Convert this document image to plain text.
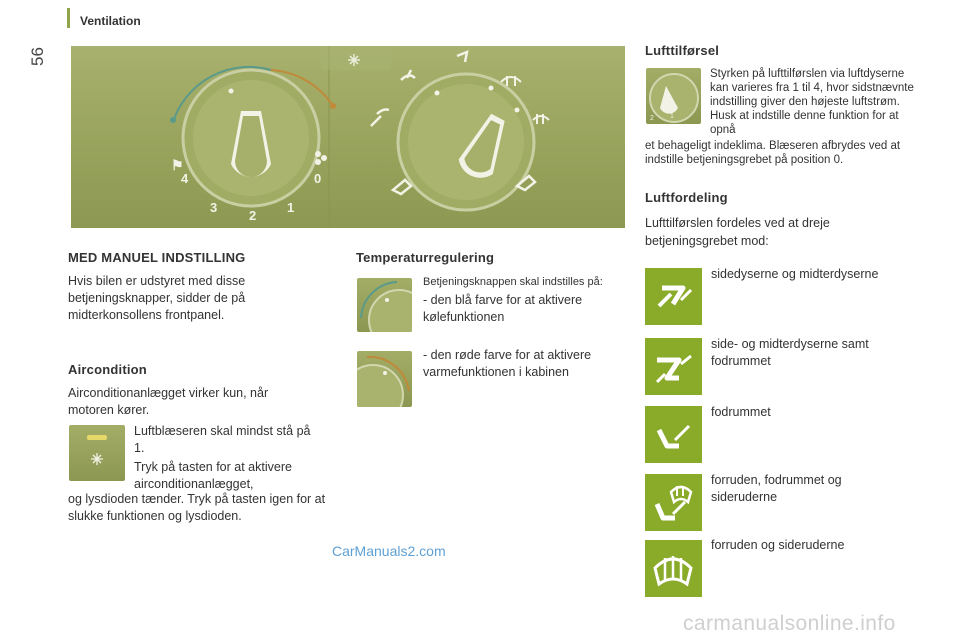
Ventilation
56
⚑
4
3
2
1
0
MED MANUEL INDSTILLING

Hvis bilen er udstyret med disse betjeningsknapper, sidder de på midterkonsollens frontpanel.

Aircondition

Airconditionanlægget virker kun, når motoren kører.

Luftblæseren skal mindst stå på 1.

Tryk på tasten for at aktivere airconditionanlægget,

og lysdioden tænder. Tryk på tasten igen for at slukke funktionen og lysdioden.

Temperaturregulering

Betjeningsknappen skal indstilles på:

- den blå farve for at aktivere kølefunktionen

- den røde farve for at aktivere varmefunktionen i kabinen

Lufttilførsel
2 1

Styrken på lufttilførslen via luftdyserne kan varieres fra 1 til 4, hvor sidstnævnte indstilling giver den højeste luftstrøm. Husk at indstille denne funktion for at opnå

et behageligt indeklima. Blæseren afbrydes ved at indstille betjeningsgrebet på position 0.

Luftfordeling

Lufttilførslen fordeles ved at dreje betjeningsgrebet mod:

sidedyserne og midterdyserne

side- og midterdyserne samt fodrummet

fodrummet

forruden, fodrummet og sideruderne

forruden og sideruderne

CarManuals2.com
carmanualsonline.info
